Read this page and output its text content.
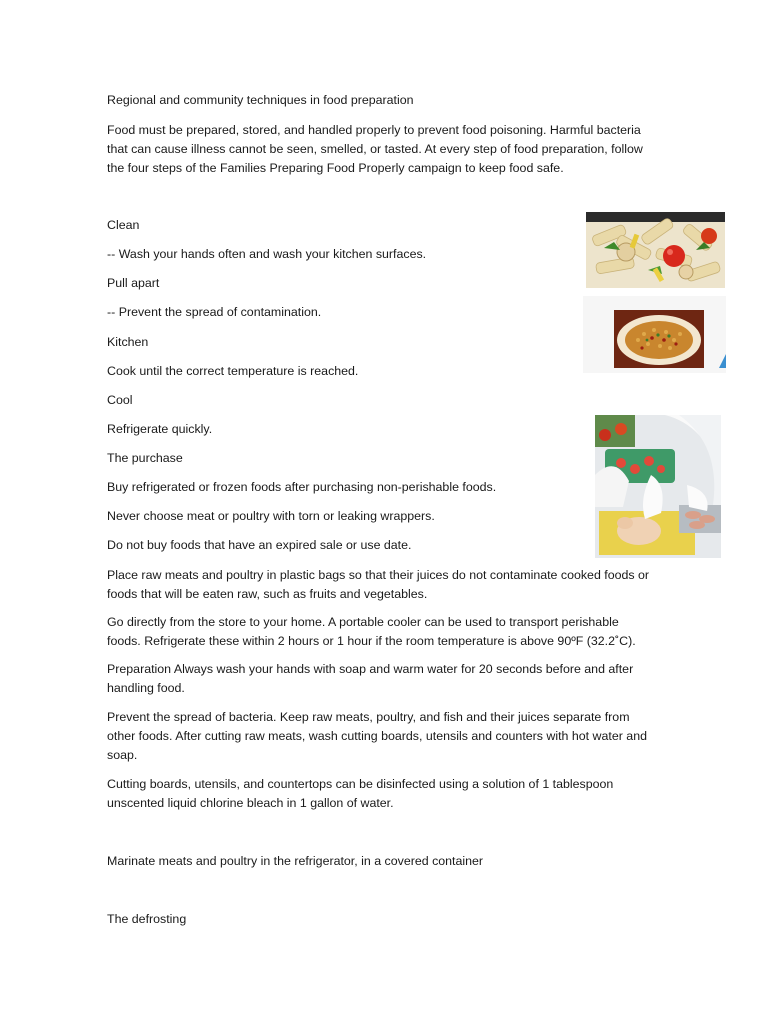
Regional and community techniques in food preparation

Food must be prepared, stored, and handled properly to prevent food poisoning. Harmful bacteria that can cause illness cannot be seen, smelled, or tasted. At every step of food preparation, follow the four steps of the Families Preparing Food Properly campaign to keep food safe.

Clean

-- Wash your hands often and wash your kitchen surfaces.

Pull apart

-- Prevent the spread of contamination.

Kitchen

Cook until the correct temperature is reached.

Cool

Refrigerate quickly.

The purchase

Buy refrigerated or frozen foods after purchasing non-perishable foods.

Never choose meat or poultry with torn or leaking wrappers.

Do not buy foods that have an expired sale or use date.

Place raw meats and poultry in plastic bags so that their juices do not contaminate cooked foods or foods that will be eaten raw, such as fruits and vegetables.

Go directly from the store to your home. A portable cooler can be used to transport perishable foods. Refrigerate these within 2 hours or 1 hour if the room temperature is above 90ºF (32.2˚C).

Preparation Always wash your hands with soap and warm water for 20 seconds before and after handling food.

Prevent the spread of bacteria. Keep raw meats, poultry, and fish and their juices separate from other foods. After cutting raw meats, wash cutting boards, utensils and counters with hot water and soap.

Cutting boards, utensils, and countertops can be disinfected using a solution of 1 tablespoon unscented liquid chlorine bleach in 1 gallon of water.

Marinate meats and poultry in the refrigerator, in a covered container

The defrosting
